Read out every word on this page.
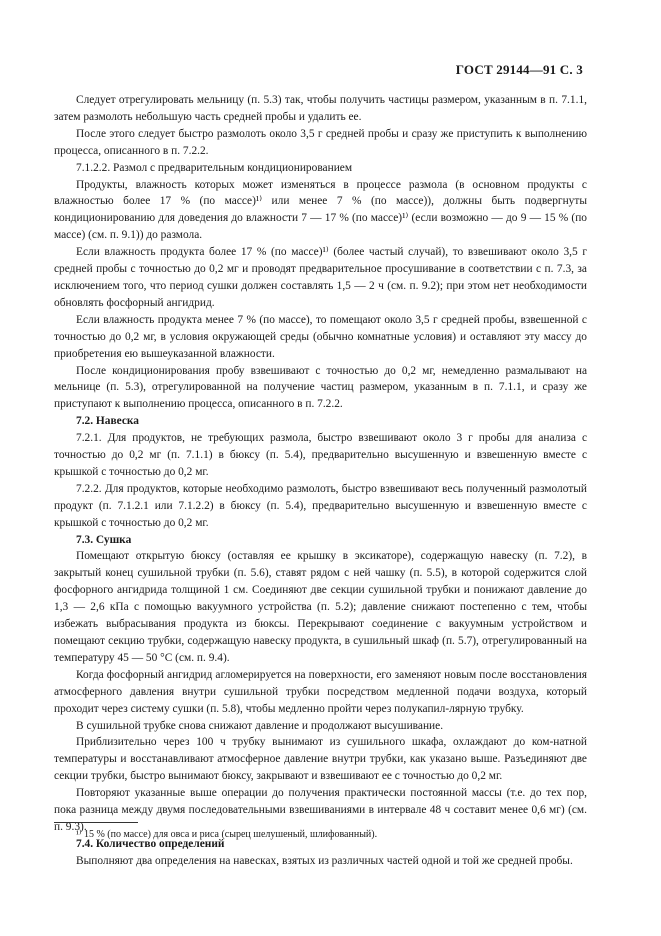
ГОСТ 29144—91 С. 3

Следует отрегулировать мельницу (п. 5.3) так, чтобы получить частицы размером, указанным в п. 7.1.1, затем размолоть небольшую часть средней пробы и удалить ее.

После этого следует быстро размолоть около 3,5 г средней пробы и сразу же приступить к выполнению процесса, описанного в п. 7.2.2.

7.1.2.2. Размол с предварительным кондиционированием

Продукты, влажность которых может изменяться в процессе размола (в основном продукты с влажностью более 17 % (по массе)¹⁾ или менее 7 % (по массе)), должны быть подвергнуты кондиционированию для доведения до влажности 7 — 17 % (по массе)¹⁾ (если возможно — до 9 — 15 % (по массе) (см. п. 9.1)) до размола.

Если влажность продукта более 17 % (по массе)¹⁾ (более частый случай), то взвешивают около 3,5 г средней пробы с точностью до 0,2 мг и проводят предварительное просушивание в соответствии с п. 7.3, за исключением того, что период сушки должен составлять 1,5 — 2 ч (см. п. 9.2); при этом нет необходимости обновлять фосфорный ангидрид.

Если влажность продукта менее 7 % (по массе), то помещают около 3,5 г средней пробы, взвешенной с точностью до 0,2 мг, в условия окружающей среды (обычно комнатные условия) и оставляют эту массу до приобретения ею вышеуказанной влажности.

После кондиционирования пробу взвешивают с точностью до 0,2 мг, немедленно размалывают на мельнице (п. 5.3), отрегулированной на получение частиц размером, указанным в п. 7.1.1, и сразу же приступают к выполнению процесса, описанного в п. 7.2.2.

7.2. Навеска

7.2.1. Для продуктов, не требующих размола, быстро взвешивают около 3 г пробы для анализа с точностью до 0,2 мг (п. 7.1.1) в бюксу (п. 5.4), предварительно высушенную и взвешенную вместе с крышкой с точностью до 0,2 мг.

7.2.2. Для продуктов, которые необходимо размолоть, быстро взвешивают весь полученный размолотый продукт (п. 7.1.2.1 или 7.1.2.2) в бюксу (п. 5.4), предварительно высушенную и взвешенную вместе с крышкой с точностью до 0,2 мг.

7.3. Сушка

Помещают открытую бюксу (оставляя ее крышку в эксикаторе), содержащую навеску (п. 7.2), в закрытый конец сушильной трубки (п. 5.6), ставят рядом с ней чашку (п. 5.5), в которой содержится слой фосфорного ангидрида толщиной 1 см. Соединяют две секции сушильной трубки и понижают давление до 1,3 — 2,6 кПа с помощью вакуумного устройства (п. 5.2); давление снижают постепенно с тем, чтобы избежать выбрасывания продукта из бюксы. Перекрывают соединение с вакуумным устройством и помещают секцию трубки, содержащую навеску продукта, в сушильный шкаф (п. 5.7), отрегулированный на температуру 45 — 50 °С (см. п. 9.4).

Когда фосфорный ангидрид агломерируется на поверхности, его заменяют новым после восстановления атмосферного давления внутри сушильной трубки посредством медленной подачи воздуха, который проходит через систему сушки (п. 5.8), чтобы медленно пройти через полукапил-лярную трубку.

В сушильной трубке снова снижают давление и продолжают высушивание.

Приблизительно через 100 ч трубку вынимают из сушильного шкафа, охлаждают до ком-натной температуры и восстанавливают атмосферное давление внутри трубки, как указано выше. Разъединяют две секции трубки, быстро вынимают бюксу, закрывают и взвешивают ее с точностью до 0,2 мг.

Повторяют указанные выше операции до получения практически постоянной массы (т.е. до тех пор, пока разница между двумя последовательными взвешиваниями в интервале 48 ч составит менее 0,6 мг) (см. п. 9.3).

7.4. Количество определений

Выполняют два определения на навесках, взятых из различных частей одной и той же средней пробы.

¹⁾ 15 % (по массе) для овса и риса (сырец шелушеный, шлифованный).
